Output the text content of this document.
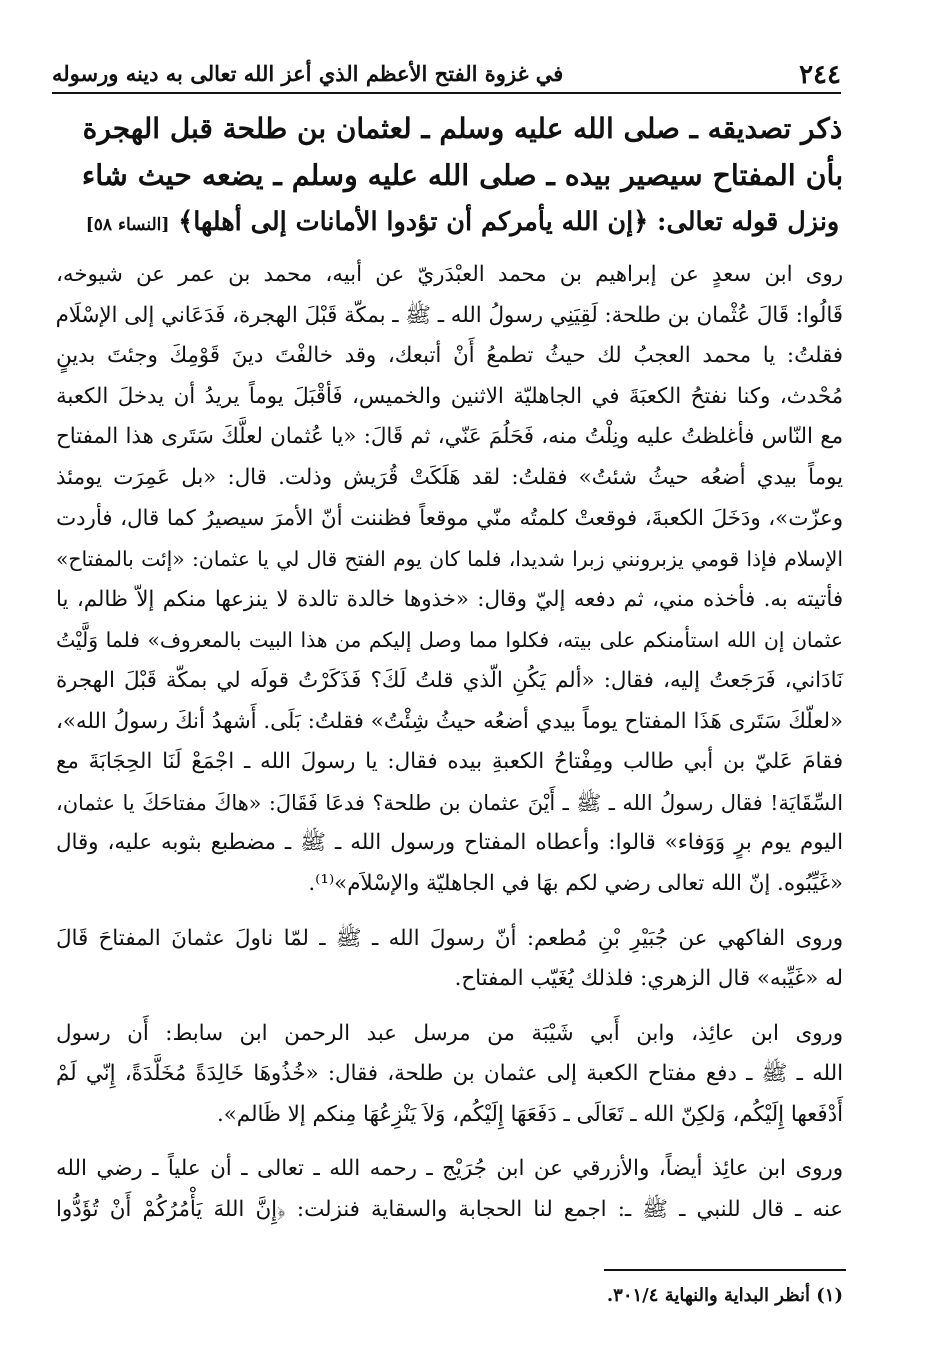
٢٤٤
في غزوة الفتح الأعظم الذي أعز الله تعالى به دينه ورسوله
ذكر تصديقه ـ صلى الله عليه وسلم ـ لعثمان بن طلحة قبل الهجرة
بأن المفتاح سيصير بيده ـ صلى الله عليه وسلم ـ يضعه حيث شاء
ونزل قوله تعالى: ﴿إن الله يأمركم أن تؤدوا الأمانات إلى أهلها﴾ [النساء ٥٨]
روى ابن سعدٍ عن إبراهيم بن محمد العبْدَريّ عن أبيه، محمد بن عمر عن شيوخه،
قَالُوا: قَالَ عُثْمان بن طلحة: لَقِيَنِي رسولُ الله ـ ﷺ ـ بمكّة قَبْلَ الهجرة، فَدَعَاني إلى الإسْلَام
فقلتُ: يا محمد العجبُ لك حيثُ تطمعُ أَنْ أتبعك، وقد خالفْتَ دينَ قَوْمِكَ وجئتَ بدينٍ
مُحْدث، وكنا نفتحُ الكعبَةَ في الجاهليّة الاثنين والخميس، فَأقْبَلَ يوماً يريدُ أن يدخلَ الكعبة
مع النّاس فأغلظتُ عليه ونِلْتُ منه، فَحَلُمَ عَنّي، ثم قَالَ: «يا عُثمان لعلَّكَ سَتَرى هذا المفتاح
يوماً بيدي أضعُه حيثُ شئتُ» فقلتُ: لقد هَلَكَتْ قُرَيش وذلت. قال: «بل عَمِرَت يومئذ
وعزّت»، ودَخَلَ الكعبةَ، فوقعتْ كلمتُه منّي موقعاً فظننت أنّ الأمرَ سيصيرُ كما قال، فأردت
الإسلام فإذا قومي يزبرونني زبرا شديدا، فلما كان يوم الفتح قال لي يا عثمان: «إئت بالمفتاح»
فأتيته به. فأخذه مني، ثم دفعه إليّ وقال: «خذوها خالدة تالدة لا ينزعها منكم إلاّ ظالم، يا
عثمان إن الله استأمنكم على بيته، فكلوا مما وصل إليكم من هذا البيت بالمعروف» فلما وَلَّيْتُ
نَادَاني، فَرَجَعتُ إليه، فقال: «ألم يَكُنِ الّذي قلتُ لَكَ؟ فَذَكَرْتُ قولَه لي بمكّة قَبْلَ الهجرة
«لعلّكَ سَتَرى هَذَا المفتاح يوماً بيدي أضعُه حيثُ شِئْتُ» فقلتُ: بَلَى. أَشهدُ أنكَ رسولُ الله»،
فقامَ عَليّ بن أبي طالب ومِفْتاحُ الكعبةِ بيده فقال: يا رسولَ الله ـ اجْمَعْ لَنَا الحِجَابَةَ مع
السِّقَايَة! فقال رسولُ الله ـ ﷺ ـ أَيْنَ عثمان بن طلحة؟ فدعَا فَقَالَ: «هاكَ مفتاحَكَ يا عثمان،
اليوم يوم برٍ وَوَفاء» قالوا: وأعطاه المفتاح ورسول الله ـ ﷺ ـ مضطبع بثوبه عليه، وقال
«غَيِّبُوه. إنّ الله تعالى رضي لكم بهَا في الجاهليّة والإسْلاَم»⁽¹⁾.
وروى الفاكهي عن جُبَيْرِ بْنِ مُطعم: أنّ رسولَ الله ـ ﷺ ـ لمّا ناولَ عثمانَ المفتاحَ قَالَ
له «غَيِّبه» قال الزهري: فلذلك يُغَيّب المفتاح.
وروى ابن عائِذ، وابن أَبي شَيْبَة من مرسل عبد الرحمن ابن سابط: أَن رسول
الله ـ ﷺ ـ دفع مفتاح الكعبة إلى عثمان بن طلحة، فقال: «خُذُوهَا خَالِدَةً مُخَلَّدَةً، إِنّي لَمْ
أَدْفَعها إِلَيْكُم، وَلكِنّ الله ـ تَعَالَى ـ دَفَعَهَا إِلَيْكُم، وَلاَ يَنْزِعُهَا مِنكم إلا ظَالم».
وروى ابن عائِذ أيضاً، والأزرقي عن ابن جُرَيْج ـ رحمه الله ـ تعالى ـ أن علياً ـ رضي الله
عنه ـ قال للنبي ـ ﷺ ـ: اجمع لنا الحجابة والسقاية فنزلت: ﴿إِنَّ اللهَ يَأْمُرُكُمْ أَنْ تُؤَدُّوا
(١) أنظر البداية والنهاية ٣٠١/٤.
